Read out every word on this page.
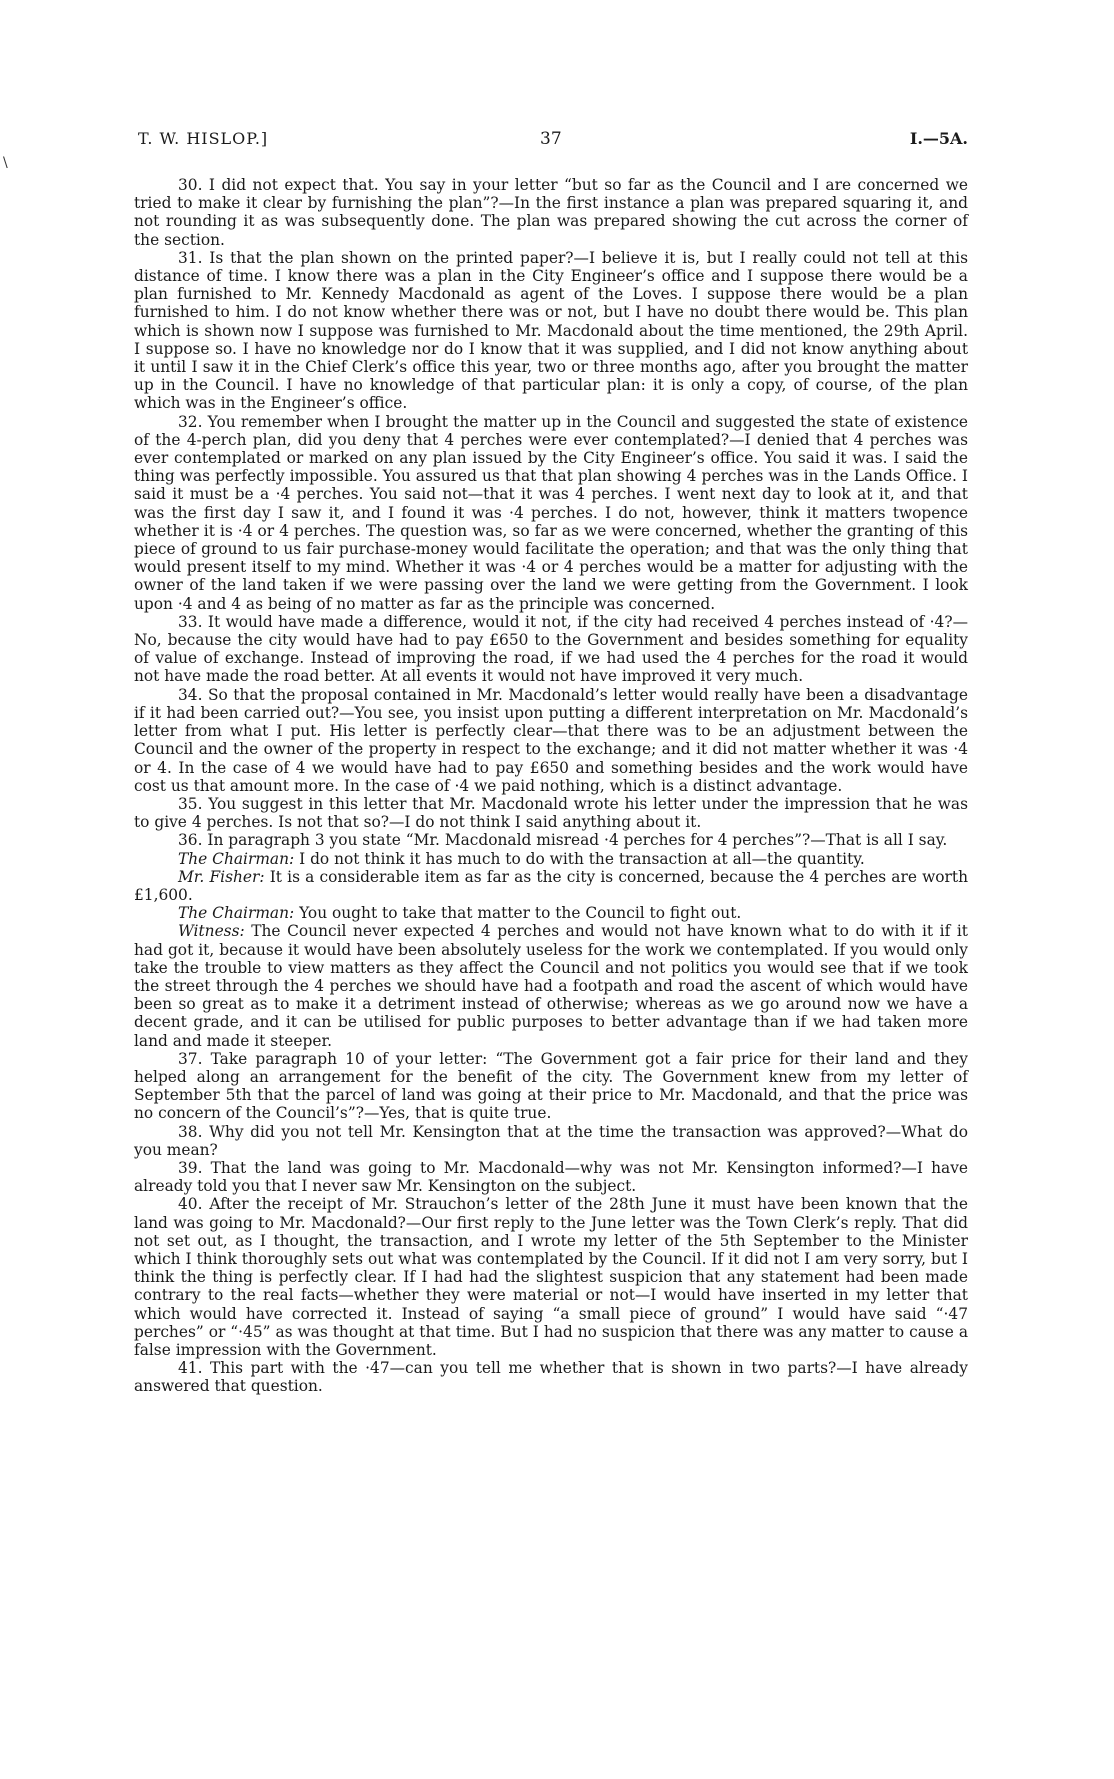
T. W. HISLOP.]	37	I.—5A.
\

30. I did not expect that. You say in your letter “but so far as the Council and I are concerned we tried to make it clear by furnishing the plan”?—In the first instance a plan was prepared squaring it, and not rounding it as was subsequently done. The plan was prepared showing the cut across the corner of the section.

31. Is that the plan shown on the printed paper?—I believe it is, but I really could not tell at this distance of time. I know there was a plan in the City Engineer’s office and I suppose there would be a plan furnished to Mr. Kennedy Macdonald as agent of the Loves. I suppose there would be a plan furnished to him. I do not know whether there was or not, but I have no doubt there would be. This plan which is shown now I suppose was furnished to Mr. Macdonald about the time mentioned, the 29th April. I suppose so. I have no knowledge nor do I know that it was supplied, and I did not know anything about it until I saw it in the Chief Clerk’s office this year, two or three months ago, after you brought the matter up in the Council. I have no knowledge of that particular plan: it is only a copy, of course, of the plan which was in the Engineer’s office.

32. You remember when I brought the matter up in the Council and suggested the state of existence of the 4-perch plan, did you deny that 4 perches were ever contemplated?—I denied that 4 perches was ever contemplated or marked on any plan issued by the City Engineer’s office. You said it was. I said the thing was perfectly impossible. You assured us that that plan showing 4 perches was in the Lands Office. I said it must be a ·4 perches. You said not—that it was 4 perches. I went next day to look at it, and that was the first day I saw it, and I found it was ·4 perches. I do not, however, think it matters twopence whether it is ·4 or 4 perches. The question was, so far as we were concerned, whether the granting of this piece of ground to us fair purchase-money would facilitate the operation; and that was the only thing that would present itself to my mind. Whether it was ·4 or 4 perches would be a matter for adjusting with the owner of the land taken if we were passing over the land we were getting from the Government. I look upon ·4 and 4 as being of no matter as far as the principle was concerned.

33. It would have made a difference, would it not, if the city had received 4 perches instead of ·4?—No, because the city would have had to pay £650 to the Government and besides something for equality of value of exchange. Instead of improving the road, if we had used the 4 perches for the road it would not have made the road better. At all events it would not have improved it very much.

34. So that the proposal contained in Mr. Macdonald’s letter would really have been a disadvantage if it had been carried out?—You see, you insist upon putting a different interpretation on Mr. Macdonald’s letter from what I put. His letter is perfectly clear—that there was to be an adjustment between the Council and the owner of the property in respect to the exchange; and it did not matter whether it was ·4 or 4. In the case of 4 we would have had to pay £650 and something besides and the work would have cost us that amount more. In the case of ·4 we paid nothing, which is a distinct advantage.

35. You suggest in this letter that Mr. Macdonald wrote his letter under the impression that he was to give 4 perches. Is not that so?—I do not think I said anything about it.

36. In paragraph 3 you state “Mr. Macdonald misread ·4 perches for 4 perches”?—That is all I say.

The Chairman: I do not think it has much to do with the transaction at all—the quantity.

Mr. Fisher: It is a considerable item as far as the city is concerned, because the 4 perches are worth £1,600.

The Chairman: You ought to take that matter to the Council to fight out.

Witness: The Council never expected 4 perches and would not have known what to do with it if it had got it, because it would have been absolutely useless for the work we contemplated. If you would only take the trouble to view matters as they affect the Council and not politics you would see that if we took the street through the 4 perches we should have had a footpath and road the ascent of which would have been so great as to make it a detriment instead of otherwise; whereas as we go around now we have a decent grade, and it can be utilised for public purposes to better advantage than if we had taken more land and made it steeper.

37. Take paragraph 10 of your letter: “The Government got a fair price for their land and they helped along an arrangement for the benefit of the city. The Government knew from my letter of September 5th that the parcel of land was going at their price to Mr. Macdonald, and that the price was no concern of the Council’s”?—Yes, that is quite true.

38. Why did you not tell Mr. Kensington that at the time the transaction was approved?—What do you mean?

39. That the land was going to Mr. Macdonald—why was not Mr. Kensington informed?—I have already told you that I never saw Mr. Kensington on the subject.

40. After the receipt of Mr. Strauchon’s letter of the 28th June it must have been known that the land was going to Mr. Macdonald?—Our first reply to the June letter was the Town Clerk’s reply. That did not set out, as I thought, the transaction, and I wrote my letter of the 5th September to the Minister which I think thoroughly sets out what was contemplated by the Council. If it did not I am very sorry, but I think the thing is perfectly clear. If I had had the slightest suspicion that any statement had been made contrary to the real facts—whether they were material or not—I would have inserted in my letter that which would have corrected it. Instead of saying “a small piece of ground” I would have said “·47 perches” or “·45” as was thought at that time. But I had no suspicion that there was any matter to cause a false impression with the Government.

41. This part with the ·47—can you tell me whether that is shown in two parts?—I have already answered that question.
